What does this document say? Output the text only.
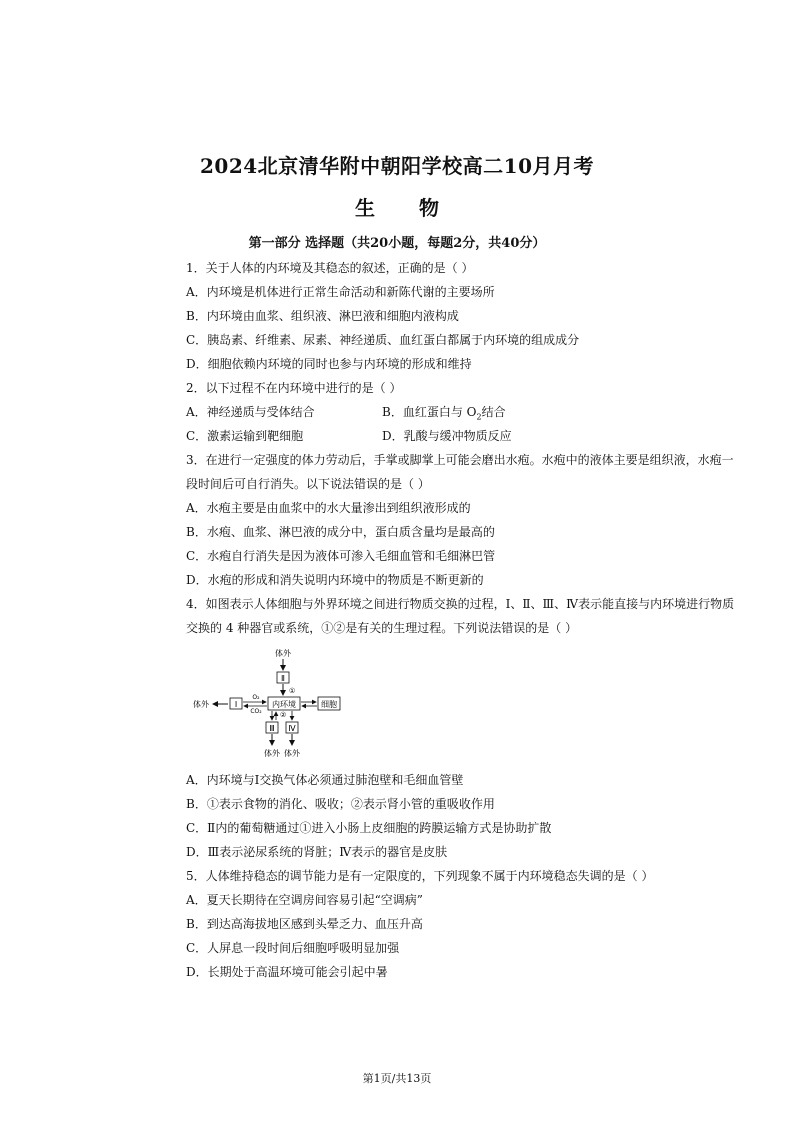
2024北京清华附中朝阳学校高二10月月考
生 物
第一部分 选择题（共20小题，每题2分，共40分）
1．关于人体的内环境及其稳态的叙述，正确的是（ ）
A．内环境是机体进行正常生命活动和新陈代谢的主要场所
B．内环境由血浆、组织液、淋巴液和细胞内液构成
C．胰岛素、纤维素、尿素、神经递质、血红蛋白都属于内环境的组成成分
D．细胞依赖内环境的同时也参与内环境的形成和维持
2．以下过程不在内环境中进行的是（ ）
A．神经递质与受体结合	B．血红蛋白与 $O_2$结合
C．激素运输到靶细胞	D．乳酸与缓冲物质反应
3．在进行一定强度的体力劳动后，手掌或脚掌上可能会磨出水疱。水疱中的液体主要是组织液，水疱一
段时间后可自行消失。以下说法错误的是（ ）
A．水疱主要是由血浆中的水大量渗出到组织液形成的
B．水疱、血浆、淋巴液的成分中，蛋白质含量均是最高的
C．水疱自行消失是因为液体可渗入毛细血管和毛细淋巴管
D．水疱的形成和消失说明内环境中的物质是不断更新的
4．如图表示人体细胞与外界环境之间进行物质交换的过程，Ⅰ、Ⅱ、Ⅲ、Ⅳ表示能直接与内环境进行物质
交换的 4 种器官或系统，①②是有关的生理过程。下列说法错误的是（ ）
体外
Ⅱ
①
体外	Ⅰ
O₂
CO₂
内环境	细胞
②
Ⅲ Ⅳ
体外 体外
A．内环境与Ⅰ交换气体必须通过肺泡壁和毛细血管壁
B．①表示食物的消化、吸收；②表示肾小管的重吸收作用
C．Ⅱ内的葡萄糖通过①进入小肠上皮细胞的跨膜运输方式是协助扩散
D．Ⅲ表示泌尿系统的肾脏；Ⅳ表示的器官是皮肤
5．人体维持稳态的调节能力是有一定限度的，下列现象不属于内环境稳态失调的是（ ）
A．夏天长期待在空调房间容易引起“空调病”
B．到达高海拔地区感到头晕乏力、血压升高
C．人屏息一段时间后细胞呼吸明显加强
D．长期处于高温环境可能会引起中暑
第1页/共13页
